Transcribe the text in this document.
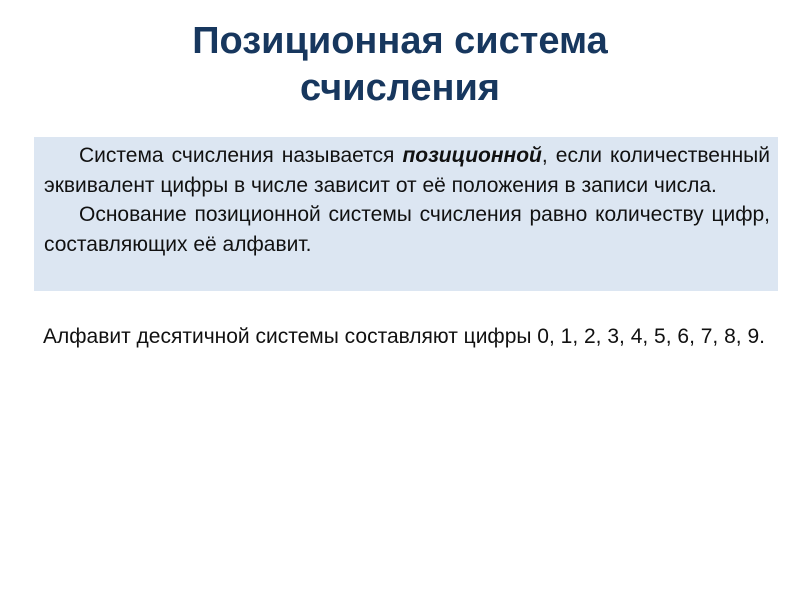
Позиционная система
счисления

Система счисления называется позиционной, если количественный эквивалент цифры в числе зависит от её положения в записи числа.

Основание позиционной системы счисления равно количеству цифр, составляющих её алфавит.

Алфавит десятичной системы составляют цифры 0, 1, 2, 3, 4, 5, 6, 7, 8, 9.
